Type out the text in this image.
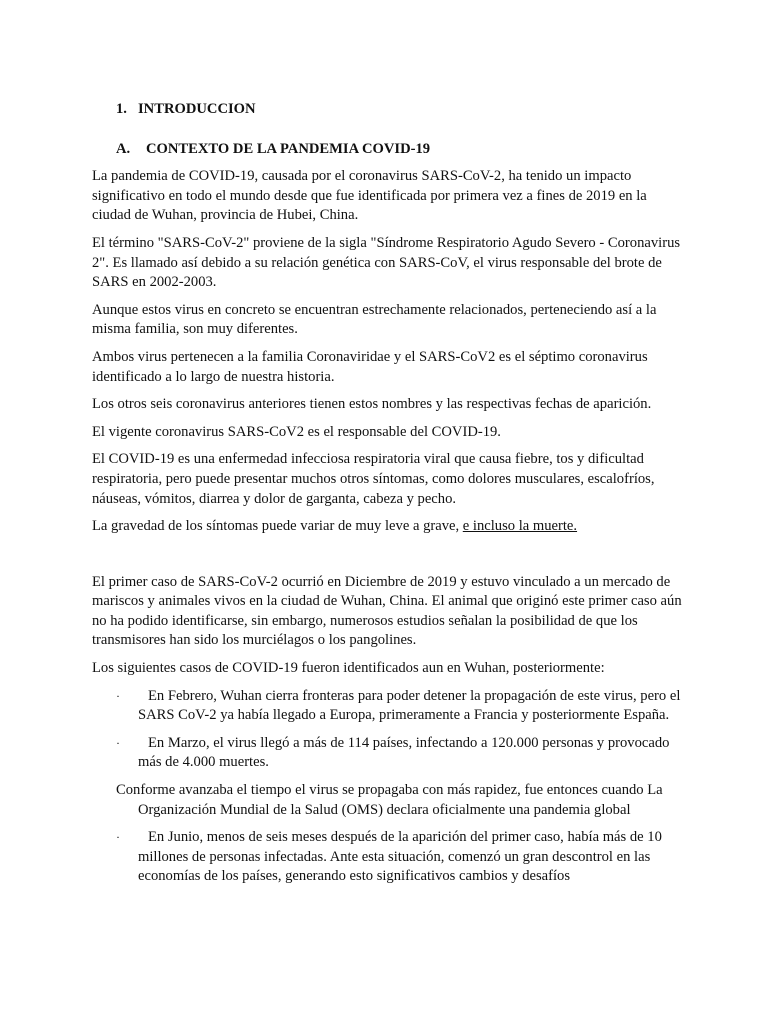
1. INTRODUCCION
A.	CONTEXTO DE LA PANDEMIA COVID-19

La pandemia de COVID-19, causada por el coronavirus SARS-CoV-2, ha tenido un impacto significativo en todo el mundo desde que fue identificada por primera vez a fines de 2019 en la ciudad de Wuhan, provincia de Hubei, China.

El término "SARS-CoV-2" proviene de la sigla "Síndrome Respiratorio Agudo Severo - Coronavirus 2". Es llamado así debido a su relación genética con SARS-CoV, el virus responsable del brote de SARS en 2002-2003.

Aunque estos virus en concreto se encuentran estrechamente relacionados, perteneciendo así a la misma familia, son muy diferentes.

Ambos virus pertenecen a la familia Coronaviridae y el SARS-CoV2 es el séptimo coronavirus identificado a lo largo de nuestra historia.

Los otros seis coronavirus anteriores tienen estos nombres y las respectivas fechas de aparición.

El vigente coronavirus SARS-CoV2 es el responsable del COVID-19.

El COVID-19 es una enfermedad infecciosa respiratoria viral que causa fiebre, tos y dificultad respiratoria, pero puede presentar muchos otros síntomas, como dolores musculares, escalofríos, náuseas, vómitos, diarrea y dolor de garganta, cabeza y pecho.

La gravedad de los síntomas puede variar de muy leve a grave, e incluso la muerte.

El primer caso de SARS-CoV-2 ocurrió en Diciembre de 2019 y estuvo vinculado a un mercado de mariscos y animales vivos en la ciudad de Wuhan, China. El animal que originó este primer caso aún no ha podido identificarse, sin embargo, numerosos estudios señalan la posibilidad de que los transmisores han sido los murciélagos o los pangolines.

Los siguientes casos de COVID-19 fueron identificados aun en Wuhan, posteriormente:

·	En Febrero, Wuhan cierra fronteras para poder detener la propagación de este virus, pero el SARS CoV-2 ya había llegado a Europa, primeramente a Francia y posteriormente España.
·	En Marzo, el virus llegó a más de 114 países, infectando a 120.000 personas y provocado más de 4.000 muertes.

Conforme avanzaba el tiempo el virus se propagaba con más rapidez, fue entonces cuando La Organización Mundial de la Salud (OMS) declara oficialmente una pandemia global

·	En Junio, menos de seis meses después de la aparición del primer caso, había más de 10 millones de personas infectadas. Ante esta situación, comenzó un gran descontrol en las economías de los países, generando esto significativos cambios y desafíos
